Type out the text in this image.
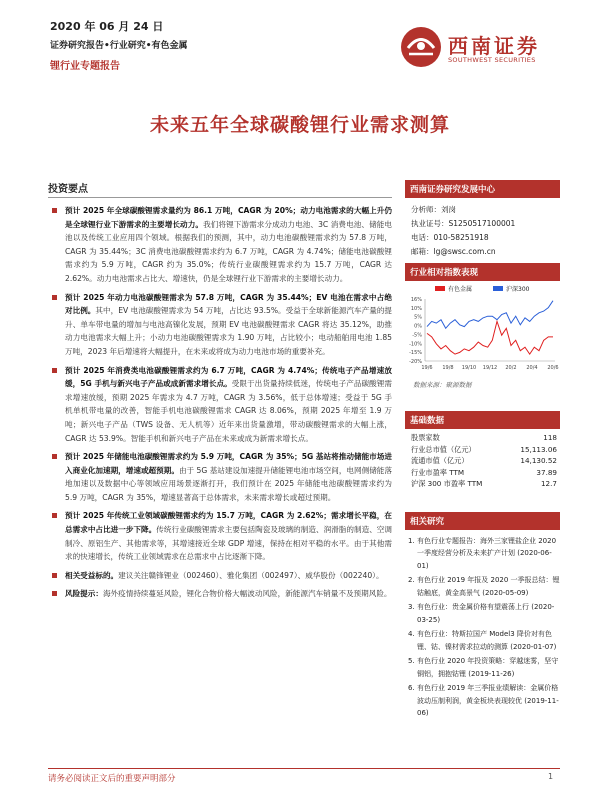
2020 年 06 月 24 日
证券研究报告•行业研究•有色金属
锂行业专题报告
西南证券
SOUTHWEST SECURITIES
未来五年全球碳酸锂行业需求测算
投资要点
预计 2025 年全球碳酸锂需求量约为 86.1 万吨，CAGR 为 20%；动力电池需求的大幅上升仍是全球锂行业下游需求的主要增长动力。我们将锂下游需求分成动力电池、3C 消费电池、储能电池以及传统工业应用四个领域。根据我们的预测，其中，动力电池碳酸锂需求约为 57.8 万吨，CAGR 为 35.44%；3C 消费电池碳酸锂需求约为 6.7 万吨，CAGR 为 4.74%；储能电池碳酸锂需求约为 5.9 万吨，CAGR 约为 35.0%；传统行业碳酸锂需求约为 15.7 万吨，CAGR 达 2.62%。动力电池需求占比大、增速快，仍是全球锂行业下游需求的主要增长动力。
预计 2025 年动力电池碳酸锂需求为 57.8 万吨，CAGR 为 35.44%；EV 电池在需求中占绝对比例。其中，EV 电池碳酸锂需求为 54 万吨，占比达 93.5%。受益于全球新能源汽车产量的提升、单车带电量的增加与电池高镍化发展，预期 EV 电池碳酸锂需求 CAGR 将达 35.12%，助推动力电池需求大幅上升；小动力电池碳酸锂需求为 1.90 万吨，占比较小；电动船舶用电池 1.85 万吨，2023 年后增速将大幅提升，在未来或将成为动力电池市场的重要补充。
预计 2025 年消费类电池碳酸锂需求约为 6.7 万吨，CAGR 为 4.74%；传统电子产品增速放缓，5G 手机与新兴电子产品或成新需求增长点。受限于出货量持续低迷，传统电子产品碳酸锂需求增速放缓，预期 2025 年需求为 4.7 万吨，CAGR 为 3.56%，低于总体增速；受益于 5G 手机单机带电量的改善，智能手机电池碳酸锂需求 CAGR 达 8.06%，预期 2025 年增至 1.9 万吨；新兴电子产品（TWS 设备、无人机等）近年来出货量激增，带动碳酸锂需求的大幅上涨，CAGR 达 53.9%。智能手机和新兴电子产品在未来或成为新需求增长点。
预计 2025 年储能电池碳酸锂需求约为 5.9 万吨，CAGR 为 35%；5G 基站将推动储能市场进入商业化加速期，增速或超预期。由于 5G 基站建设加速提升储能锂电池市场空间，电网侧储能落地加速以及数据中心等领域应用场景逐渐打开，我们预计在 2025 年储能电池碳酸锂需求约为 5.9 万吨，CAGR 为 35%，增速显著高于总体需求，未来需求增长或超过预期。
预计 2025 年传统工业领域碳酸锂需求约为 15.7 万吨，CAGR 为 2.62%；需求增长平稳，在总需求中占比进一步下降。传统行业碳酸锂需求主要包括陶瓷及玻璃的制造、润滑脂的制造、空调制冷、原铝生产、其他需求等，其增速接近全球 GDP 增速，保持在相对平稳的水平。由于其他需求的快速增长，传统工业领域需求在总需求中占比逐渐下降。
相关受益标的。建议关注赣锋锂业（002460）、雅化集团（002497）、威华股份（002240）。
风险提示：海外疫情持续蔓延风险，锂化合物价格大幅波动风险，新能源汽车销量不及预期风险。
西南证券研究发展中心
分析师：刘岗
执业证号：S1250517100001
电话：010-58251918
邮箱：lg@swsc.com.cn
行业相对指数表现
有色金属	沪深300
16%
10%
5%
0%
-5%
-10%
-15%
-20%
19/6 19/8 19/10 19/12 20/2 20/4 20/6
数据来源：聚源数据
基础数据
股票家数	118
行业总市值（亿元）	15,113.06
流通市值（亿元）	14,130.52
行业市盈率 TTM	37.89
沪深 300 市盈率 TTM	12.7
相关研究
1. 有色行业专题报告：海外三家锂盐企业 2020 一季度经营分析及未来扩产计划 (2020-06-01)
2. 有色行业 2019 年报及 2020 一季报总结：锂钴触底，黄金高景气 (2020-05-09)
3. 有色行业：贵金属价格有望震荡上行 (2020-03-25)
4. 有色行业：特斯拉国产 Model3 降价对有色锂、钴、镍材需求拉动的测算 (2020-01-07)
5. 有色行业 2020 年投资策略：穿越迷雾，坚守铜铝，拥抱钴锂 (2019-11-26)
6. 有色行业 2019 年三季报业绩解读：金属价格波动压制利润，黄金板块表现较优 (2019-11-06)
请务必阅读正文后的重要声明部分	1
